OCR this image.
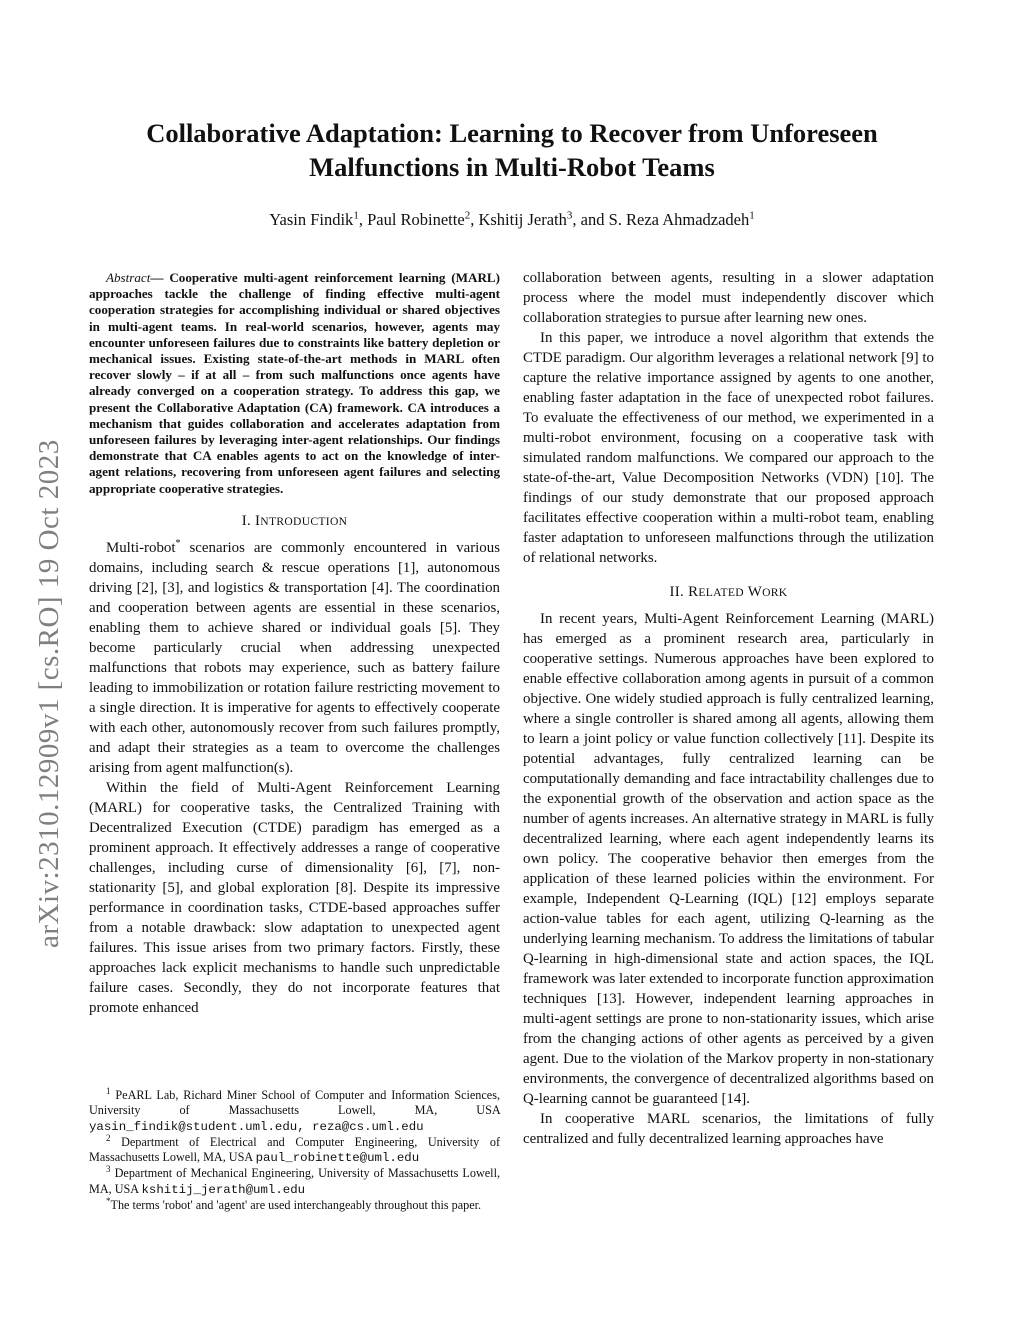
arXiv:2310.12909v1 [cs.RO] 19 Oct 2023
Collaborative Adaptation: Learning to Recover from Unforeseen
Malfunctions in Multi-Robot Teams
Yasin Findik$^1$, Paul Robinette$^2$, Kshitij Jerath$^3$, and S. Reza Ahmadzadeh$^1$

Abstract— Cooperative multi-agent reinforcement learning (MARL) approaches tackle the challenge of finding effective multi-agent cooperation strategies for accomplishing individual or shared objectives in multi-agent teams. In real-world scenarios, however, agents may encounter unforeseen failures due to constraints like battery depletion or mechanical issues. Existing state-of-the-art methods in MARL often recover slowly – if at all – from such malfunctions once agents have already converged on a cooperation strategy. To address this gap, we present the Collaborative Adaptation (CA) framework. CA introduces a mechanism that guides collaboration and accelerates adaptation from unforeseen failures by leveraging inter-agent relationships. Our findings demonstrate that CA enables agents to act on the knowledge of inter-agent relations, recovering from unforeseen agent failures and selecting appropriate cooperative strategies.

I. INTRODUCTION

Multi-robot* scenarios are commonly encountered in various domains, including search & rescue operations [1], autonomous driving [2], [3], and logistics & transportation [4]. The coordination and cooperation between agents are essential in these scenarios, enabling them to achieve shared or individual goals [5]. They become particularly crucial when addressing unexpected malfunctions that robots may experience, such as battery failure leading to immobilization or rotation failure restricting movement to a single direction. It is imperative for agents to effectively cooperate with each other, autonomously recover from such failures promptly, and adapt their strategies as a team to overcome the challenges arising from agent malfunction(s).

Within the field of Multi-Agent Reinforcement Learning (MARL) for cooperative tasks, the Centralized Training with Decentralized Execution (CTDE) paradigm has emerged as a prominent approach. It effectively addresses a range of cooperative challenges, including curse of dimensionality [6], [7], non-stationarity [5], and global exploration [8]. Despite its impressive performance in coordination tasks, CTDE-based approaches suffer from a notable drawback: slow adaptation to unexpected agent failures. This issue arises from two primary factors. Firstly, these approaches lack explicit mechanisms to handle such unpredictable failure cases. Secondly, they do not incorporate features that promote enhanced

$^1$ PeARL Lab, Richard Miner School of Computer and Information Sciences, University of Massachusetts Lowell, MA, USA yasin_findik@student.uml.edu, reza@cs.uml.edu

$^2$ Department of Electrical and Computer Engineering, University of Massachusetts Lowell, MA, USA paul_robinette@uml.edu

$^3$ Department of Mechanical Engineering, University of Massachusetts Lowell, MA, USA kshitij_jerath@uml.edu

*The terms 'robot' and 'agent' are used interchangeably throughout this paper.

collaboration between agents, resulting in a slower adaptation process where the model must independently discover which collaboration strategies to pursue after learning new ones.

In this paper, we introduce a novel algorithm that extends the CTDE paradigm. Our algorithm leverages a relational network [9] to capture the relative importance assigned by agents to one another, enabling faster adaptation in the face of unexpected robot failures. To evaluate the effectiveness of our method, we experimented in a multi-robot environment, focusing on a cooperative task with simulated random malfunctions. We compared our approach to the state-of-the-art, Value Decomposition Networks (VDN) [10]. The findings of our study demonstrate that our proposed approach facilitates effective cooperation within a multi-robot team, enabling faster adaptation to unforeseen malfunctions through the utilization of relational networks.

II. RELATED WORK

In recent years, Multi-Agent Reinforcement Learning (MARL) has emerged as a prominent research area, particularly in cooperative settings. Numerous approaches have been explored to enable effective collaboration among agents in pursuit of a common objective. One widely studied approach is fully centralized learning, where a single controller is shared among all agents, allowing them to learn a joint policy or value function collectively [11]. Despite its potential advantages, fully centralized learning can be computationally demanding and face intractability challenges due to the exponential growth of the observation and action space as the number of agents increases. An alternative strategy in MARL is fully decentralized learning, where each agent independently learns its own policy. The cooperative behavior then emerges from the application of these learned policies within the environment. For example, Independent Q-Learning (IQL) [12] employs separate action-value tables for each agent, utilizing Q-learning as the underlying learning mechanism. To address the limitations of tabular Q-learning in high-dimensional state and action spaces, the IQL framework was later extended to incorporate function approximation techniques [13]. However, independent learning approaches in multi-agent settings are prone to non-stationarity issues, which arise from the changing actions of other agents as perceived by a given agent. Due to the violation of the Markov property in non-stationary environments, the convergence of decentralized algorithms based on Q-learning cannot be guaranteed [14].

In cooperative MARL scenarios, the limitations of fully centralized and fully decentralized learning approaches have
